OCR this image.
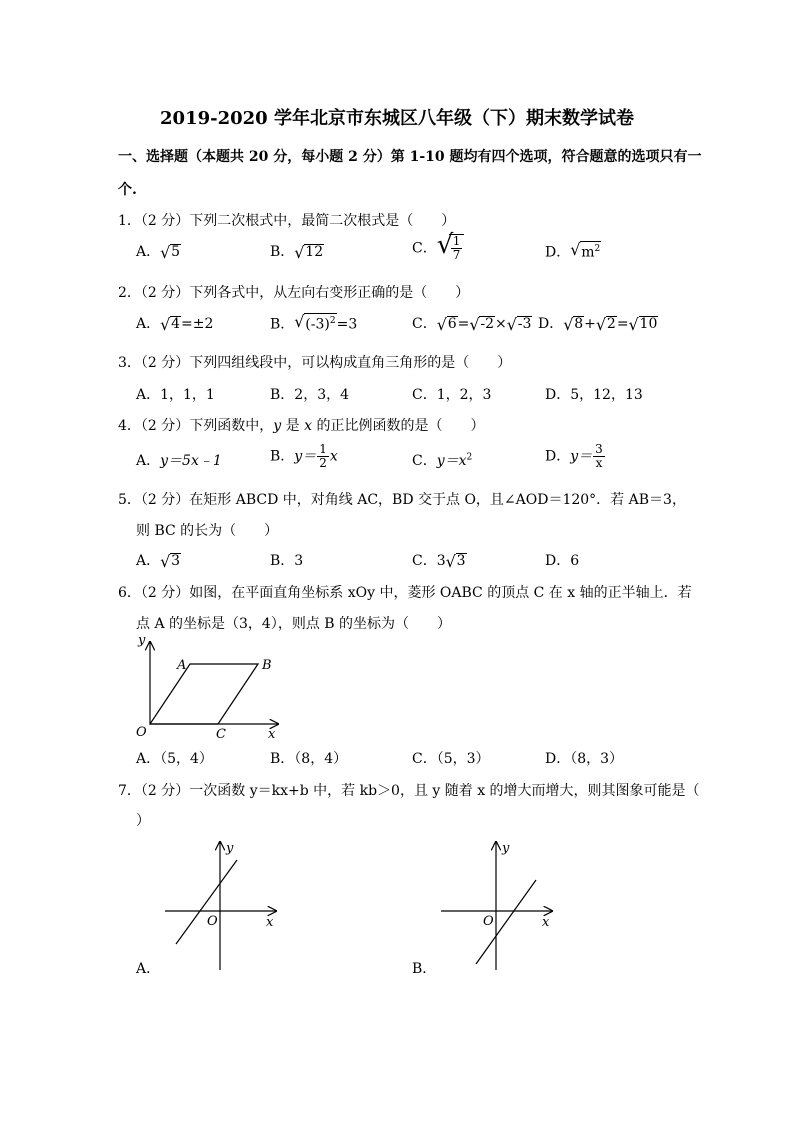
2019-2020 学年北京市东城区八年级（下）期末数学试卷
一、选择题（本题共 20 分，每小题 2 分）第 1-10 题均有四个选项，符合题意的选项只有一
个.
1．（2 分）下列二次根式中，最简二次根式是（　　）
A． √ 5	B． √ 12	C． √
$\frac{1}{7}$	D． √ $m^2$
2．（2 分）下列各式中，从左向右变形正确的是（　　）
A． √ 4=±2	B． √ $(-3)^2=3$	C． √ 6= √ -2× √ -3 D． √ 8+ √ 2= √ 10
3．（2 分）下列四组线段中，可以构成直角三角形的是（　　）
A．1，1，1	B．2，3，4	C．1，2，3	D．5，12，13
4．（2 分）下列函数中，y 是 x 的正比例函数的是（　　）
A．y＝5x﹣1	B．$y= \frac{1}{2}$ x	C．$y=x^2$	D．$y= \frac{3}{x}$
5．（2 分）在矩形 ABCD 中，对角线 AC，BD 交于点 O，且∠AOD＝120°．若 AB＝3，
则 BC 的长为（　　）
A． √ 3	B．3	C．3 √ 3	D．6
6．（2 分）如图，在平面直角坐标系 xOy 中，菱形 OABC 的顶点 C 在 x 轴的正半轴上．若
点 A 的坐标是（3，4），则点 B 的坐标为（　　）
y
x
O
A	B
C
A．（5，4）	B．（8，4）	C．（5，3）	D．（8，3）
7．（2 分）一次函数 y＝kx+b 中，若 kb＞0，且 y 随着 x 的增大而增大，则其图象可能是（
）
y
x
O
A．
y
x
O
B．
